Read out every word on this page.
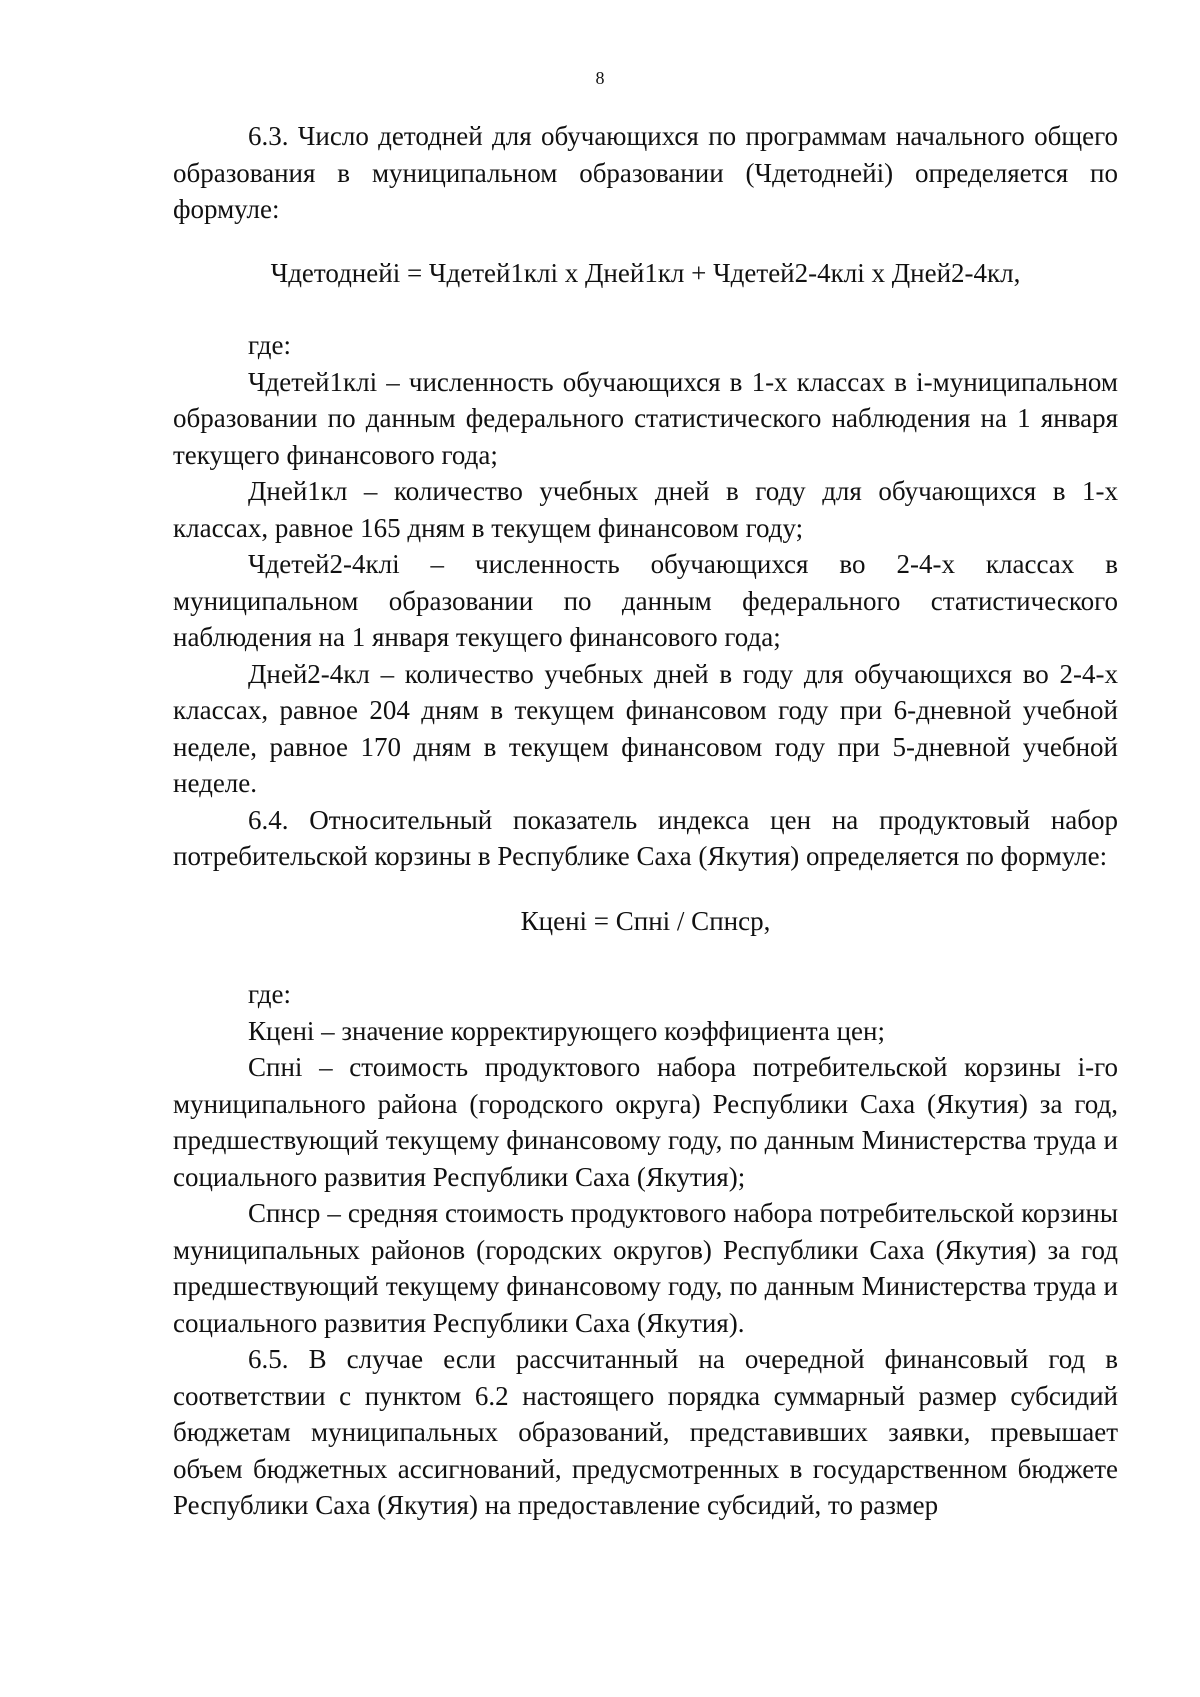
8

6.3. Число детодней для обучающихся по программам начального общего образования в муниципальном образовании (Чдетоднейi) определяется по формуле:

Чдетоднейi = Чдетей1клi x Дней1кл + Чдетей2-4клi x Дней2-4кл,

где:

Чдетей1клi – численность обучающихся в 1-х классах в i-муниципальном образовании по данным федерального статистического наблюдения на 1 января текущего финансового года;

Дней1кл – количество учебных дней в году для обучающихся в 1-х классах, равное 165 дням в текущем финансовом году;

Чдетей2-4клi – численность обучающихся во 2-4-х классах в муниципальном образовании по данным федерального статистического наблюдения на 1 января текущего финансового года;

Дней2-4кл – количество учебных дней в году для обучающихся во 2-4-х классах, равное 204 дням в текущем финансовом году при 6-дневной учебной неделе, равное 170 дням в текущем финансовом году при 5-дневной учебной неделе.

6.4. Относительный показатель индекса цен на продуктовый набор потребительской корзины в Республике Саха (Якутия) определяется по формуле:

Кценi = Спнi / Спнср,

где:

Кценi – значение корректирующего коэффициента цен;

Спнi – стоимость продуктового набора потребительской корзины i-го муниципального района (городского округа) Республики Саха (Якутия) за год, предшествующий текущему финансовому году, по данным Министерства труда и социального развития Республики Саха (Якутия);

Спнср – средняя стоимость продуктового набора потребительской корзины муниципальных районов (городских округов) Республики Саха (Якутия) за год предшествующий текущему финансовому году, по данным Министерства труда и социального развития Республики Саха (Якутия).

6.5. В случае если рассчитанный на очередной финансовый год в соответствии с пунктом 6.2 настоящего порядка суммарный размер субсидий бюджетам муниципальных образований, представивших заявки, превышает объем бюджетных ассигнований, предусмотренных в государственном бюджете Республики Саха (Якутия) на предоставление субсидий, то размер
